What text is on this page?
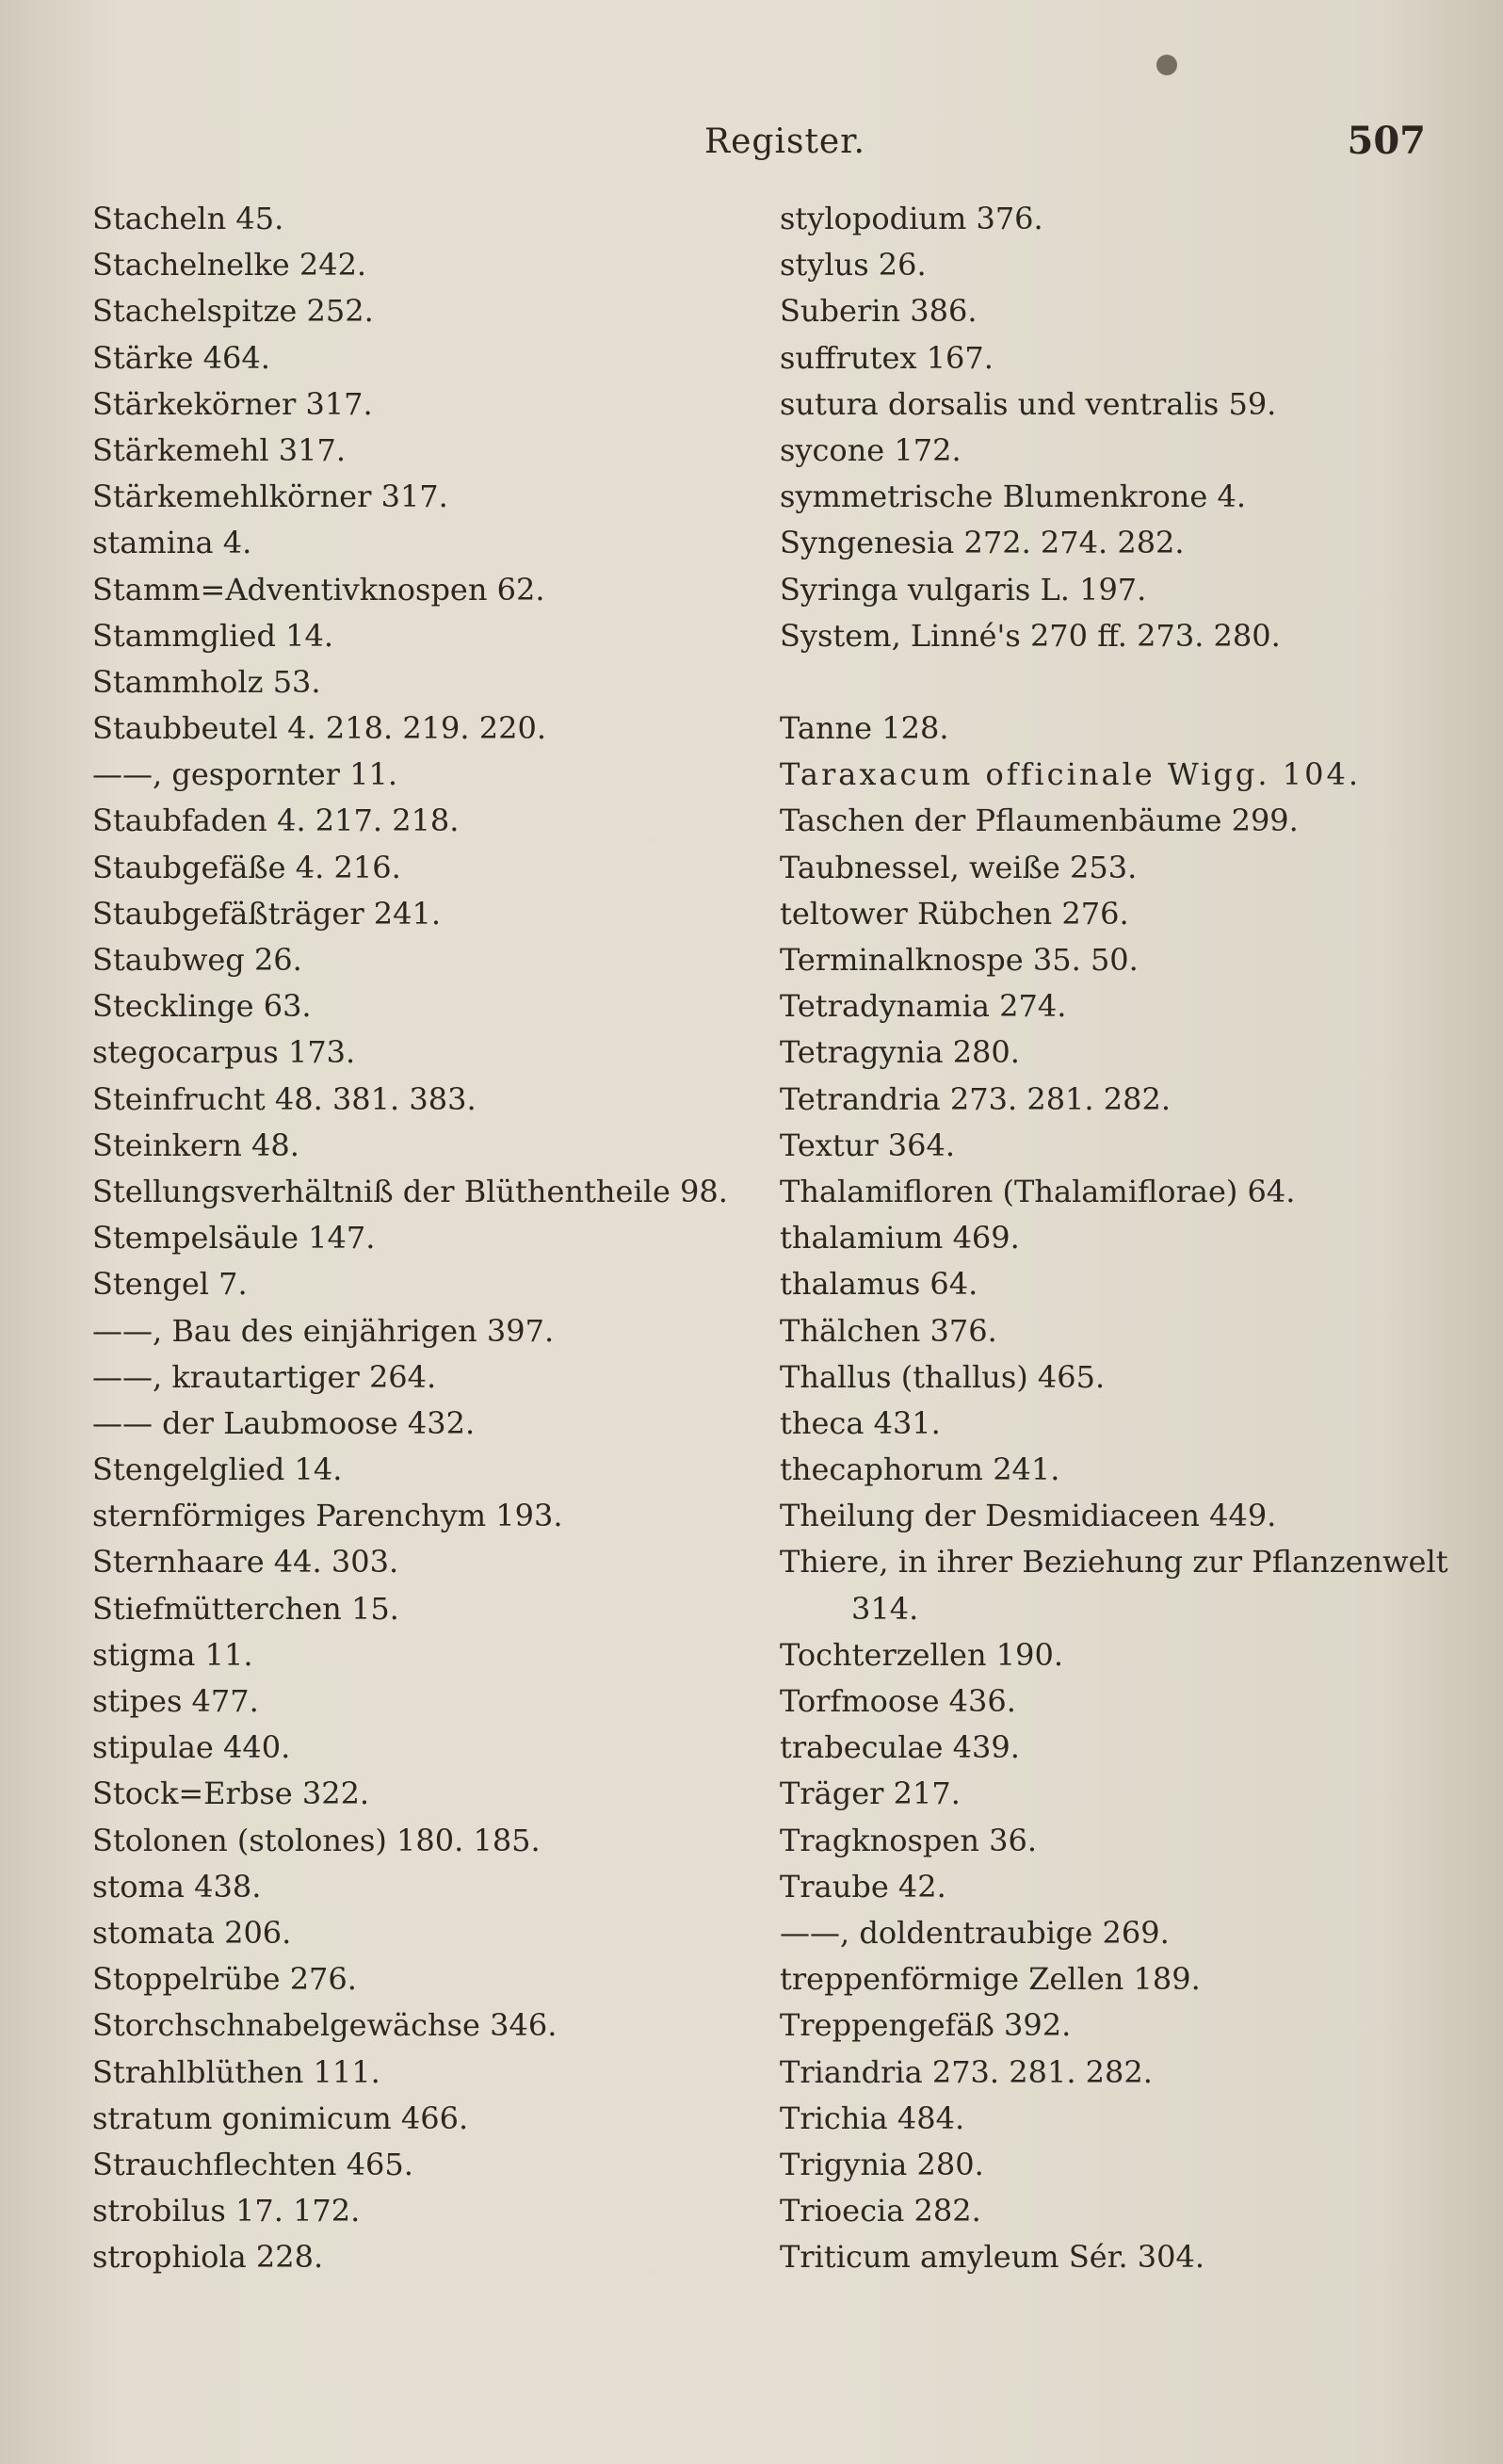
Register.	507
Stacheln 45.
Stachelnelke 242.
Stachelspitze 252.
Stärke 464.
Stärkekörner 317.
Stärkemehl 317.
Stärkemehlkörner 317.
stamina 4.
Stamm=Adventivknospen 62.
Stammglied 14.
Stammholz 53.
Staubbeutel 4. 218. 219. 220.
——, gespornter 11.
Staubfaden 4. 217. 218.
Staubgefäße 4. 216.
Staubgefäßträger 241.
Staubweg 26.
Stecklinge 63.
stegocarpus 173.
Steinfrucht 48. 381. 383.
Steinkern 48.
Stellungsverhältniß der Blüthentheile 98.
Stempelsäule 147.
Stengel 7.
——, Bau des einjährigen 397.
——, krautartiger 264.
—— der Laubmoose 432.
Stengelglied 14.
sternförmiges Parenchym 193.
Sternhaare 44. 303.
Stiefmütterchen 15.
stigma 11.
stipes 477.
stipulae 440.
Stock=Erbse 322.
Stolonen (stolones) 180. 185.
stoma 438.
stomata 206.
Stoppelrübe 276.
Storchschnabelgewächse 346.
Strahlblüthen 111.
stratum gonimicum 466.
Strauchflechten 465.
strobilus 17. 172.
strophiola 228.
stylopodium 376.
stylus 26.
Suberin 386.
suffrutex 167.
sutura dorsalis und ventralis 59.
sycone 172.
symmetrische Blumenkrone 4.
Syngenesia 272. 274. 282.
Syringa vulgaris L. 197.
System, Linné's 270 ff. 273. 280.
Tanne 128.
Taraxacum officinale Wigg. 104.
Taschen der Pflaumenbäume 299.
Taubnessel, weiße 253.
teltower Rübchen 276.
Terminalknospe 35. 50.
Tetradynamia 274.
Tetragynia 280.
Tetrandria 273. 281. 282.
Textur 364.
Thalamifloren (Thalamiflorae) 64.
thalamium 469.
thalamus 64.
Thälchen 376.
Thallus (thallus) 465.
theca 431.
thecaphorum 241.
Theilung der Desmidiaceen 449.
Thiere, in ihrer Beziehung zur Pflanzenwelt
314.
Tochterzellen 190.
Torfmoose 436.
trabeculae 439.
Träger 217.
Tragknospen 36.
Traube 42.
——, doldentraubige 269.
treppenförmige Zellen 189.
Treppengefäß 392.
Triandria 273. 281. 282.
Trichia 484.
Trigynia 280.
Trioecia 282.
Triticum amyleum Sér. 304.
